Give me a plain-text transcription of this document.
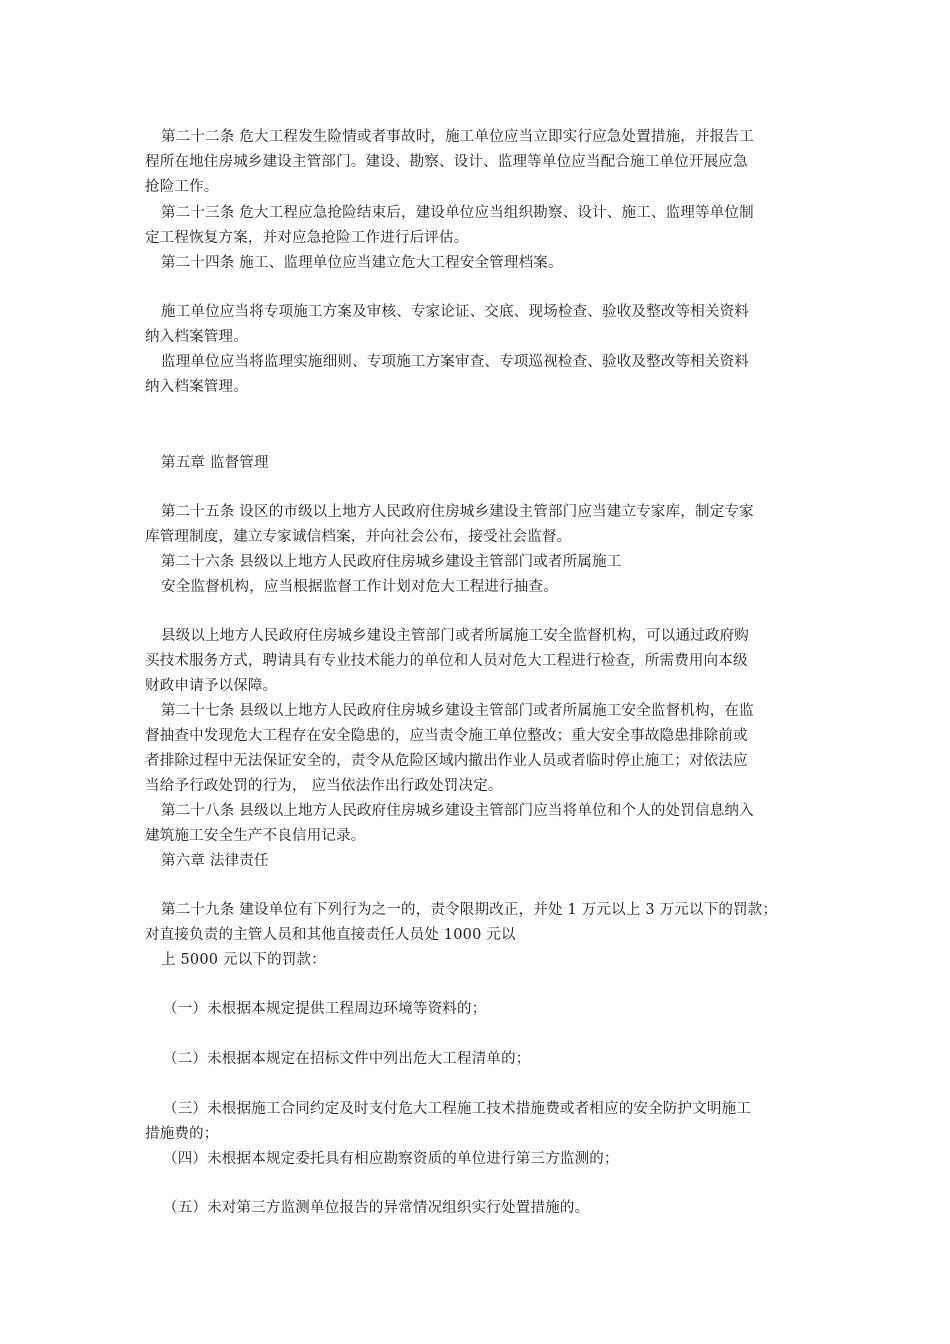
第二十二条 危大工程发生险情或者事故时，施工单位应当立即实行应急处置措施，并报告工
程所在地住房城乡建设主管部门。建设、勘察、设计、监理等单位应当配合施工单位开展应急
抢险工作。
第二十三条 危大工程应急抢险结束后，建设单位应当组织勘察、设计、施工、监理等单位制
定工程恢复方案，并对应急抢险工作进行后评估。
第二十四条 施工、监理单位应当建立危大工程安全管理档案。
施工单位应当将专项施工方案及审核、专家论证、交底、现场检查、验收及整改等相关资料
纳入档案管理。
监理单位应当将监理实施细则、专项施工方案审查、专项巡视检查、验收及整改等相关资料
纳入档案管理。
第五章 监督管理
第二十五条 设区的市级以上地方人民政府住房城乡建设主管部门应当建立专家库，制定专家
库管理制度，建立专家诚信档案，并向社会公布，接受社会监督。
第二十六条 县级以上地方人民政府住房城乡建设主管部门或者所属施工
安全监督机构，应当根据监督工作计划对危大工程进行抽查。
县级以上地方人民政府住房城乡建设主管部门或者所属施工安全监督机构，可以通过政府购
买技术服务方式，聘请具有专业技术能力的单位和人员对危大工程进行检查，所需费用向本级
财政申请予以保障。
第二十七条 县级以上地方人民政府住房城乡建设主管部门或者所属施工安全监督机构，在监
督抽查中发现危大工程存在安全隐患的，应当责令施工单位整改；重大安全事故隐患排除前或
者排除过程中无法保证安全的，责令从危险区域内撤出作业人员或者临时停止施工；对依法应
当给予行政处罚的行为， 应当依法作出行政处罚决定。
第二十八条 县级以上地方人民政府住房城乡建设主管部门应当将单位和个人的处罚信息纳入
建筑施工安全生产不良信用记录。
第六章 法律责任
第二十九条 建设单位有下列行为之一的，责令限期改正，并处 1 万元以上 3 万元以下的罚款；
对直接负责的主管人员和其他直接责任人员处 1000 元以
上 5000 元以下的罚款：
（一）未根据本规定提供工程周边环境等资料的；
（二）未根据本规定在招标文件中列出危大工程清单的；
（三）未根据施工合同约定及时支付危大工程施工技术措施费或者相应的安全防护文明施工
措施费的；
（四）未根据本规定委托具有相应勘察资质的单位进行第三方监测的；
（五）未对第三方监测单位报告的异常情况组织实行处置措施的。
